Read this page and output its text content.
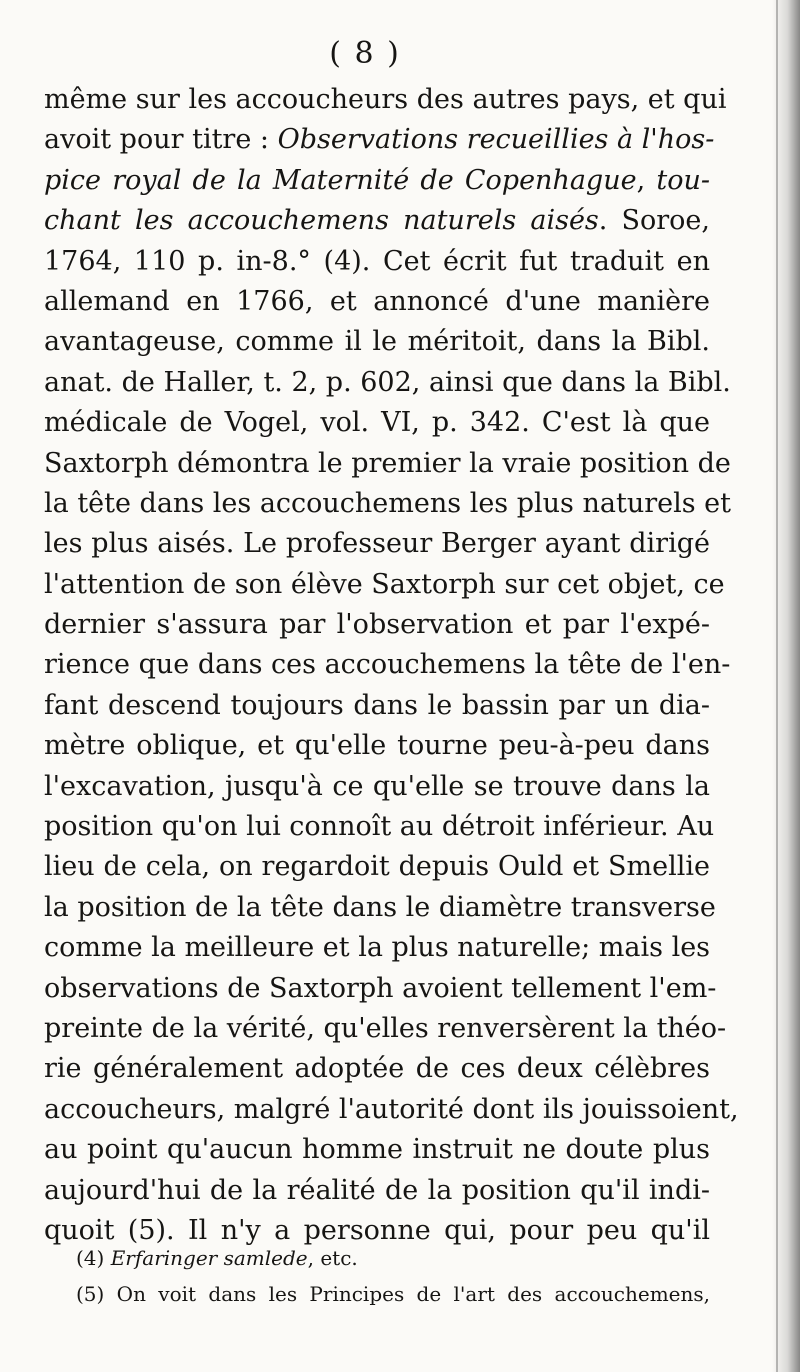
( 8 )
même sur les accoucheurs des autres pays, et qui
avoit pour titre : Observations recueillies à l'hos-
pice royal de la Maternité de Copenhague, tou-
chant les accouchemens naturels aisés. Soroe,
1764, 110 p. in-8.° (4). Cet écrit fut traduit en
allemand en 1766, et annoncé d'une manière
avantageuse, comme il le méritoit, dans la Bibl.
anat. de Haller, t. 2, p. 602, ainsi que dans la Bibl.
médicale de Vogel, vol. VI, p. 342. C'est là que
Saxtorph démontra le premier la vraie position de
la tête dans les accouchemens les plus naturels et
les plus aisés. Le professeur Berger ayant dirigé
l'attention de son élève Saxtorph sur cet objet, ce
dernier s'assura par l'observation et par l'expé-
rience que dans ces accouchemens la tête de l'en-
fant descend toujours dans le bassin par un dia-
mètre oblique, et qu'elle tourne peu-à-peu dans
l'excavation, jusqu'à ce qu'elle se trouve dans la
position qu'on lui connoît au détroit inférieur. Au
lieu de cela, on regardoit depuis Ould et Smellie
la position de la tête dans le diamètre transverse
comme la meilleure et la plus naturelle; mais les
observations de Saxtorph avoient tellement l'em-
preinte de la vérité, qu'elles renversèrent la théo-
rie généralement adoptée de ces deux célèbres
accoucheurs, malgré l'autorité dont ils jouissoient,
au point qu'aucun homme instruit ne doute plus
aujourd'hui de la réalité de la position qu'il indi-
quoit (5). Il n'y a personne qui, pour peu qu'il
(4) Erfaringer samlede, etc.
(5) On voit dans les Principes de l'art des accouchemens,
